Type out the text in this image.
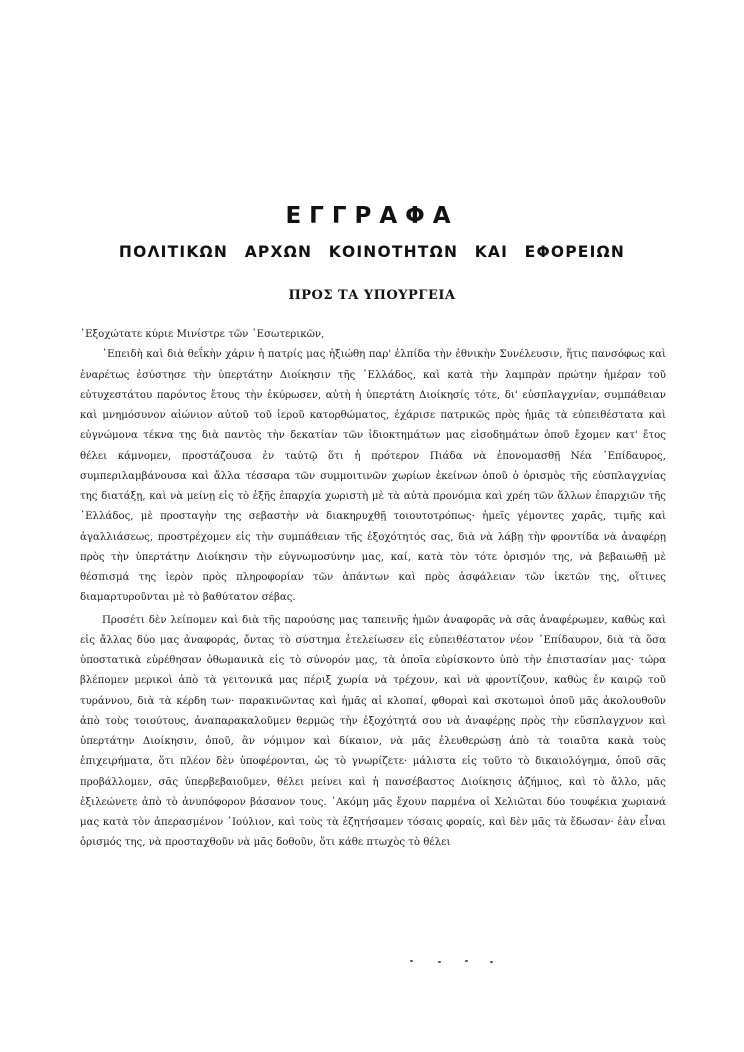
ΕΓΓΡΑΦΑ
ΠΟΛΙΤΙΚΩΝ ΑΡΧΩΝ ΚΟΙΝΟΤΗΤΩΝ ΚΑΙ ΕΦΟΡΕΙΩΝ
ΠΡΟΣ ΤΑ ΥΠΟΥΡΓΕΙΑ

᾿Εξοχώτατε κύριε Μινίστρε τῶν ᾿Εσωτερικῶν,

᾿Επειδὴ καὶ διὰ θεΐκὴν χάριν ἡ πατρίς μας ἠξιώθη παρ' ἐλπίδα τὴν ἐθνικὴν Συνέλευσιν, ἥτις πανσόφως καὶ ἐναρέτως ἐσύστησε τὴν ὑπερτάτην Διοίκησιν τῆς ᾿Ελλάδος, καὶ κατὰ τὴν λαμπρὰν πρώτην ἡμέραν τοῦ εὐτυχεστάτου παρόντος ἔτους τὴν ἐκύρωσεν, αὐτὴ ἡ ὑπερτάτη Διοίκησίς τότε, δι' εὐσπλαγχνίαν, συμπάθειαν καὶ μνημόσυνον αἰώνιον αὐτοῦ τοῦ ἱεροῦ κατορθώματος, ἐχάρισε πατρικῶς πρὸς ἡμᾶς τὰ εὐπειθέστατα καὶ εὐγνώμονα τέκνα της διὰ παντὸς τὴν δεκατίαν τῶν ἰδιοκτημάτων μας εἰσοδημάτων ὁποῦ ἔχομεν κατ' ἔτος θέλει κάμνομεν, προστάζουσα ἐν ταὐτῷ ὅτι ἡ πρότερον Πιάδα νὰ ἐπονομασθῇ Νέα ᾿Επίδαυρος, συμπεριλαμβάνουσα καὶ ἄλλα τέσσαρα τῶν συμμοιτινῶν χωρίων ἐκείνων ὁποῦ ὁ ὁρισμὸς τῆς εὐσπλαγχνίας της διατάξῃ, καὶ νὰ μείνῃ εἰς τὸ ἑξῆς ἐπαρχία χωριστὴ μὲ τὰ αὐτὰ προνόμια καὶ χρέη τῶν ἄλλων ἐπαρχιῶν τῆς ᾿Ελλάδος, μὲ προσταγὴν της σεβαστὴν νὰ διακηρυχθῇ τοιουτοτρόπως· ἡμεῖς γέμοντες χαρᾶς, τιμῆς καὶ ἀγαλλιάσεως, προστρέχομεν εἰς τὴν συμπάθειαν τῆς ἐξοχότητός σας, διὰ νὰ λάβῃ τὴν φροντίδα νὰ ἀναφέρῃ πρὸς τὴν ὑπερτάτην Διοίκησιν τὴν εὐγνωμοσύνην μας, καί, κατὰ τὸν τότε ὁρισμόν της, νὰ βεβαιωθῇ μὲ θέσπισμά της ἱερὸν πρὸς πληροφορίαν τῶν ἁπάντων καὶ πρὸς ἀσφάλειαν τῶν ἱκετῶν της, οἵτινες διαμαρτυροῦνται μὲ τὸ βαθύτατον σέβας.

Προσέτι δὲν λείπομεν καὶ διὰ τῆς παρούσης μας ταπεινῆς ἡμῶν ἀναφορᾶς νὰ σᾶς ἀναφέρωμεν, καθὼς καὶ εἰς ἄλλας δύο μας ἀναφοράς, ὄντας τὸ σύστημα ἐτελείωσεν εἰς εὐπειθέστατον νέον ᾿Επίδαυρον, διὰ τὰ ὅσα ὑποστατικὰ εὑρέθησαν ὀθωμανικὰ εἰς τὸ σύνορόν μας, τὰ ὁποῖα εὑρίσκοντο ὑπὸ τὴν ἐπιστασίαν μας· τώρα βλέπομεν μερικοὶ ἀπὸ τὰ γειτονικά μας πέριξ χωρία νὰ τρέχουν, καὶ νὰ φροντίζουν, καθὼς ἐν καιρῷ τοῦ τυράννου, διὰ τὰ κέρδη των· παρακινῶντας καὶ ἡμᾶς αἱ κλοπαί, φθοραὶ καὶ σκοτωμοὶ ὁποῦ μᾶς ἀκολουθοῦν ἀπὸ τοὺς τοιούτους, ἀναπαρακαλοῦμεν θερμῶς τὴν ἐξοχότητά σου νὰ ἀναφέρῃς πρὸς τὴν εὔσπλαγχνον καὶ ὑπερτάτην Διοίκησιν, ὁποῦ, ἂν νόμιμον καὶ δίκαιον, νὰ μᾶς ἐλευθερώσῃ ἀπὸ τὰ τοιαῦτα κακὰ τοὺς ἐπιχειρήματα, ὅτι πλέον δὲν ὑποφέρονται, ὡς τὸ γνωρίζετε· μάλιστα εἰς τοῦτο τὸ δικαιολόγημα, ὁποῦ σᾶς προβάλλομεν, σᾶς ὑπερβεβαιοῦμεν, θέλει μείνει καὶ ἡ πανσέβαστος Διοίκησις ἀζήμιος, καὶ τὸ ἄλλο, μᾶς ἐξιλεώνετε ἀπὸ τὸ ἀνυπόφορον βάσανον τους. ᾿Ακόμη μᾶς ἔχουν παρμένα οἱ Χελιῶται δύο τουφέκια χωριανά μας κατὰ τὸν ἀπερασμένον ᾿Ιούλιον, καὶ τοὺς τὰ ἐζητήσαμεν τόσαις φοραίς, καὶ δὲν μᾶς τὰ ἔδωσαν· ἐὰν εἶναι ὁρισμός της, νὰ προσταχθοῦν νὰ μᾶς δοθοῦν, ὅτι κάθε πτωχὸς τὸ θέλει
